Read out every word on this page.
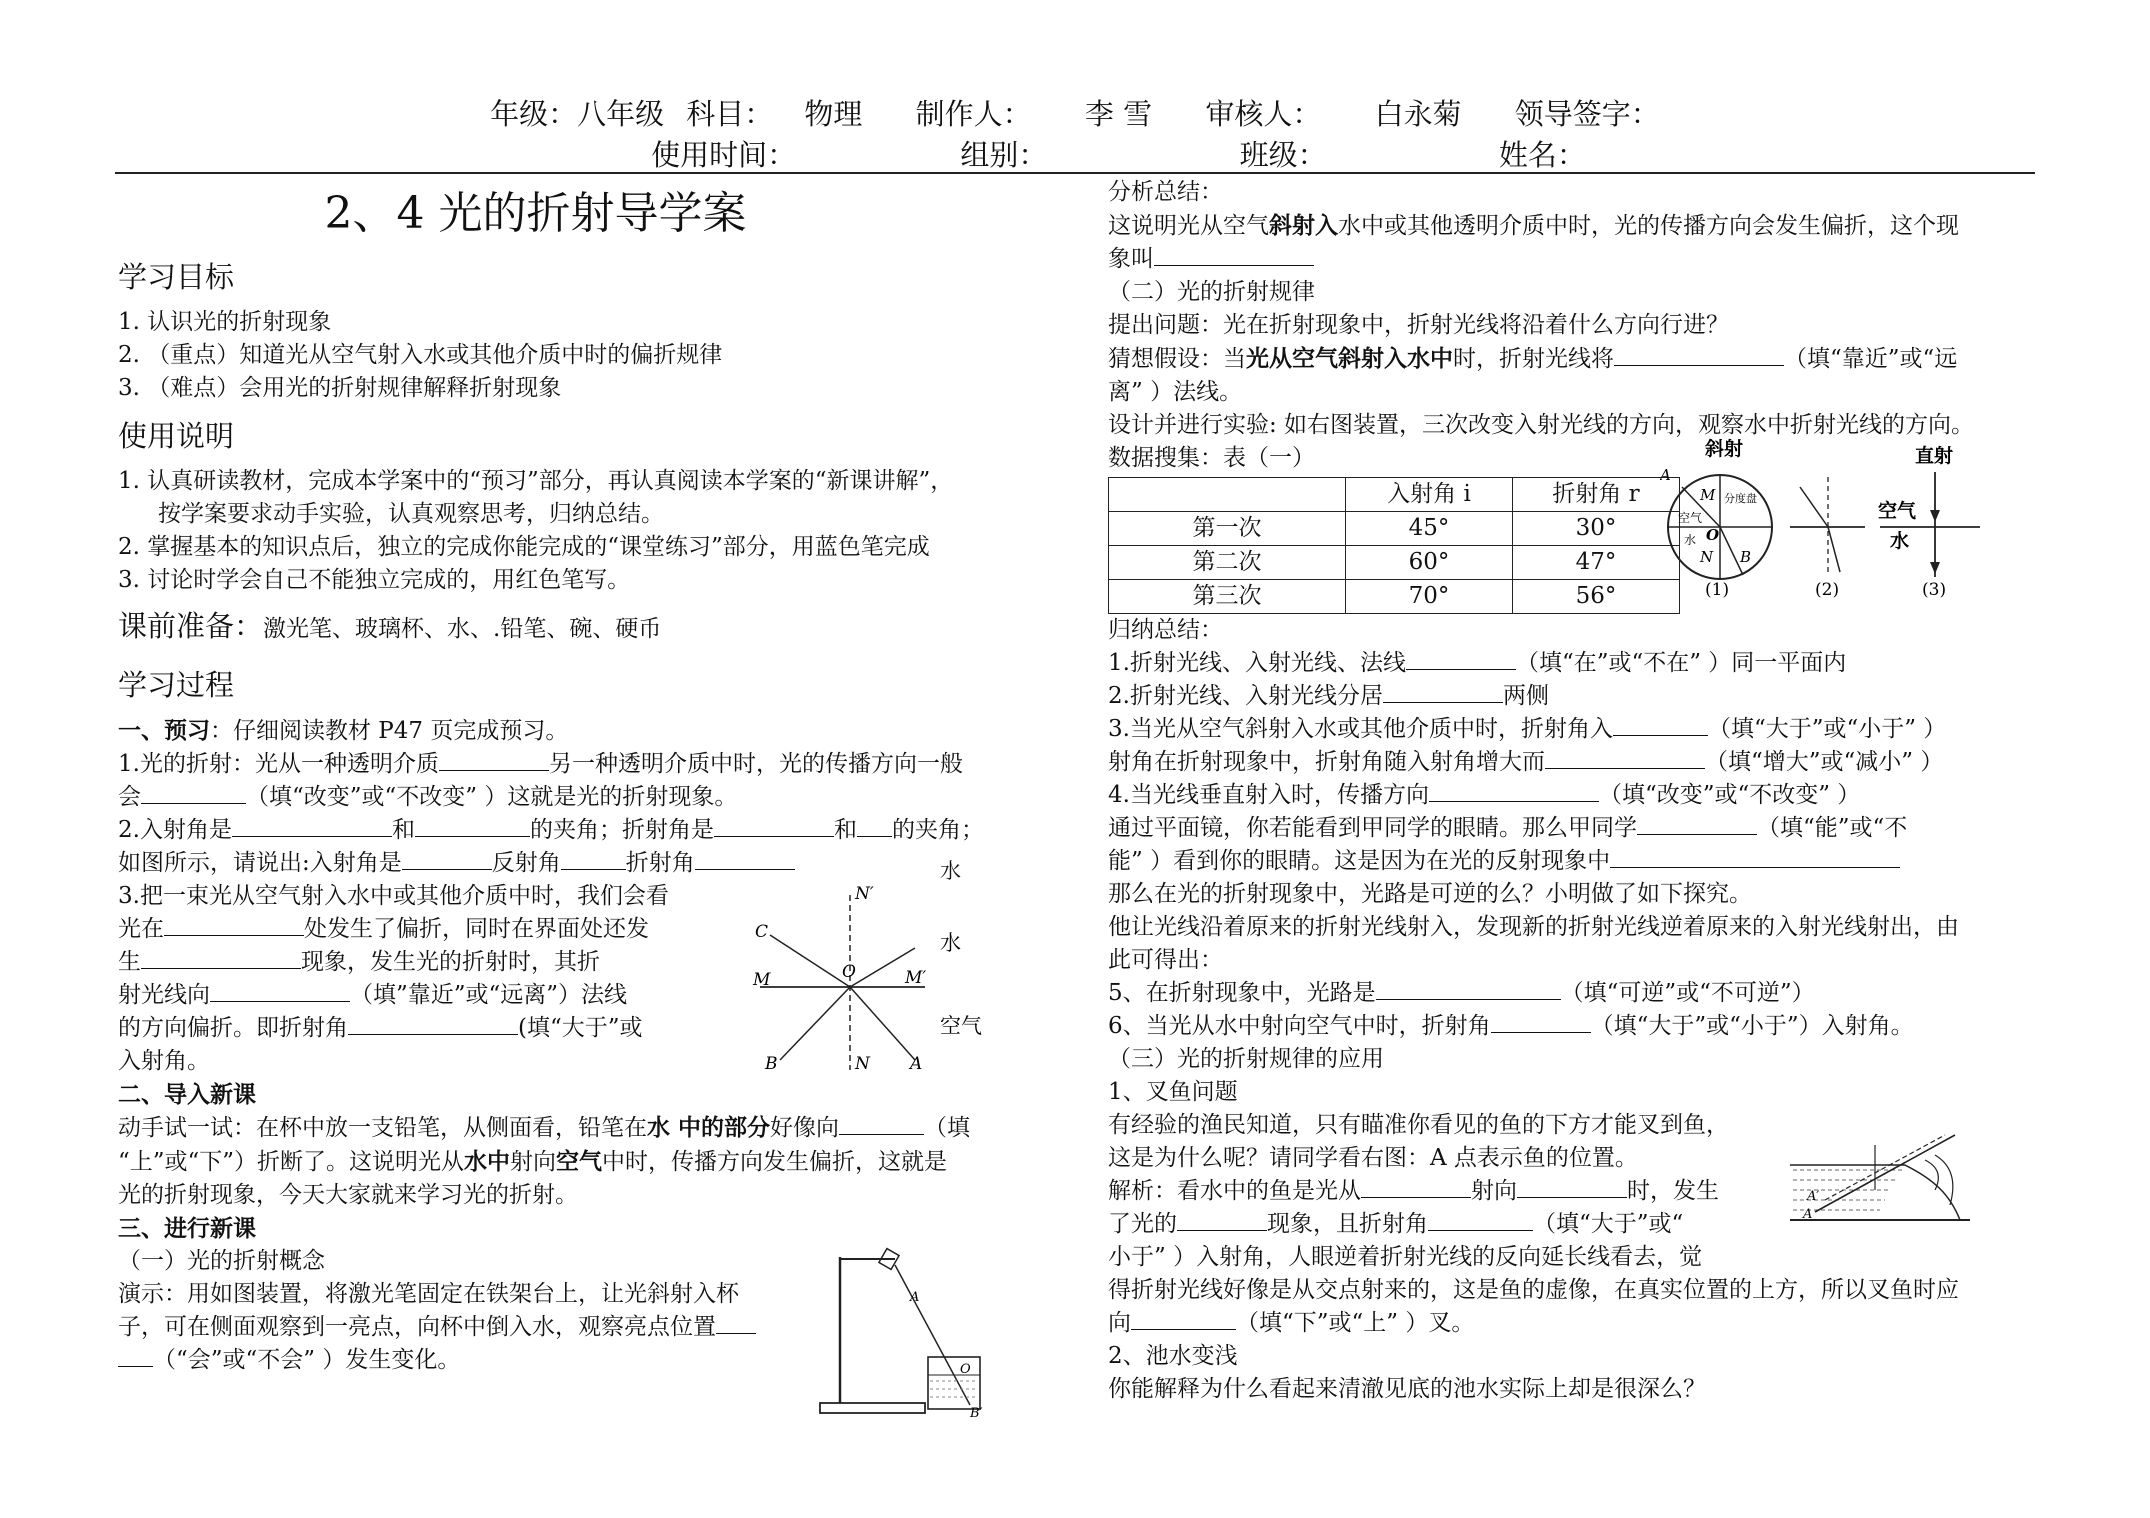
年级：八年级 科目： 物理 制作人： 李 雪 审核人： 白永菊 领导签字：
使用时间：	组别：	班级：	姓名：
2、4 光的折射导学案
学习目标
1. 认识光的折射现象
2. （重点）知道光从空气射入水或其他介质中时的偏折规律
3. （难点）会用光的折射规律解释折射现象
使用说明
1. 认真研读教材，完成本学案中的“预习”部分，再认真阅读本学案的“新课讲解”，
按学案要求动手实验，认真观察思考，归纳总结。
2. 掌握基本的知识点后，独立的完成你能完成的“课堂练习”部分，用蓝色笔完成
3. 讨论时学会自己不能独立完成的，用红色笔写。
课前准备：激光笔、玻璃杯、水、.铅笔、碗、硬币
学习过程
一、预习：仔细阅读教材 P47 页完成预习。
1.光的折射：光从一种透明介质	另一种透明介质中时，光的传播方向一般
会	（填“改变”或“不改变” ）这就是光的折射现象。
2.入射角是	和	的夹角；折射角是	和 的夹角；
如图所示，请说出:入射角是	反射角	折射角
3.把一束光从空气射入水中或其他介质中时，我们会看
光在	处发生了偏折，同时在界面处还发
生	现象，发生光的折射时，其折
射光线向	（填”靠近”或“远离”）法线
的方向偏折。即折射角	(填“大于”或
入射角。
二、导入新课
动手试一试：在杯中放一支铅笔，从侧面看，铅笔在水 中的部分好像向	（填
“上”或“下”）折断了。这说明光从水中射向空气中时，传播方向发生偏折，这就是
光的折射现象，今天大家就来学习光的折射。
三、进行新课
（一）光的折射概念
演示：用如图装置，将激光笔固定在铁架台上，让光斜射入杯
子，可在侧面观察到一亮点，向杯中倒入水，观察亮点位置
（“会”或“不会” ）发生变化。
N′
C
O
M	M′
B	N A
水
空气
水
A
O
B′
分析总结：
这说明光从空气斜射入水中或其他透明介质中时，光的传播方向会发生偏折，这个现
象叫
（二）光的折射规律
提出问题：光在折射现象中，折射光线将沿着什么方向行进？
猜想假设：当光从空气斜射入水中时，折射光线将	（填“靠近”或“远
离” ）法线。
设计并进行实验: 如右图装置，三次改变入射光线的方向，观察水中折射光线的方向。
数据搜集：表（一）
	入射角 i	折射角 r
第一次	45°	30°
第二次	60°	47°
第三次	70°	56°
归纳总结：
1.折射光线、入射光线、法线	（填“在”或“不在” ）同一平面内
2.折射光线、入射光线分居	两侧
3.当光从空气斜射入水或其他介质中时，折射角入	（填“大于”或“小于” ）
射角在折射现象中，折射角随入射角增大而	（填“增大”或“减小” ）
4.当光线垂直射入时，传播方向	（填“改变”或“不改变” ）
通过平面镜，你若能看到甲同学的眼睛。那么甲同学	（填“能”或“不
能” ）看到你的眼睛。这是因为在光的反射现象中
那么在光的折射现象中，光路是可逆的么？小明做了如下探究。
他让光线沿着原来的折射光线射入，发现新的折射光线逆着原来的入射光线射出，由
此可得出：
5、在折射现象中，光路是	（填“可逆”或“不可逆”）
6、当光从水中射向空气中时，折射角	（填“大于”或“小于”）入射角。
（三）光的折射规律的应用
1、叉鱼问题
有经验的渔民知道，只有瞄准你看见的鱼的下方才能叉到鱼，
这是为什么呢？请同学看右图：A 点表示鱼的位置。
解析：看水中的鱼是光从	射向	时，发生
了光的	现象，且折射角	（填“大于”或“
小于” ）入射角，人眼逆着折射光线的反向延长线看去，觉
得折射光线好像是从交点射来的，这是鱼的虚像，在真实位置的上方，所以叉鱼时应
向	（填“下”或“上” ）叉。
2、池水变浅
你能解释为什么看起来清澈见底的池水实际上却是很深么？
斜射
分度盘
空气
水
A
M
O
N B
(1)	(2)
直射
空气
水
(3)
A′
A
